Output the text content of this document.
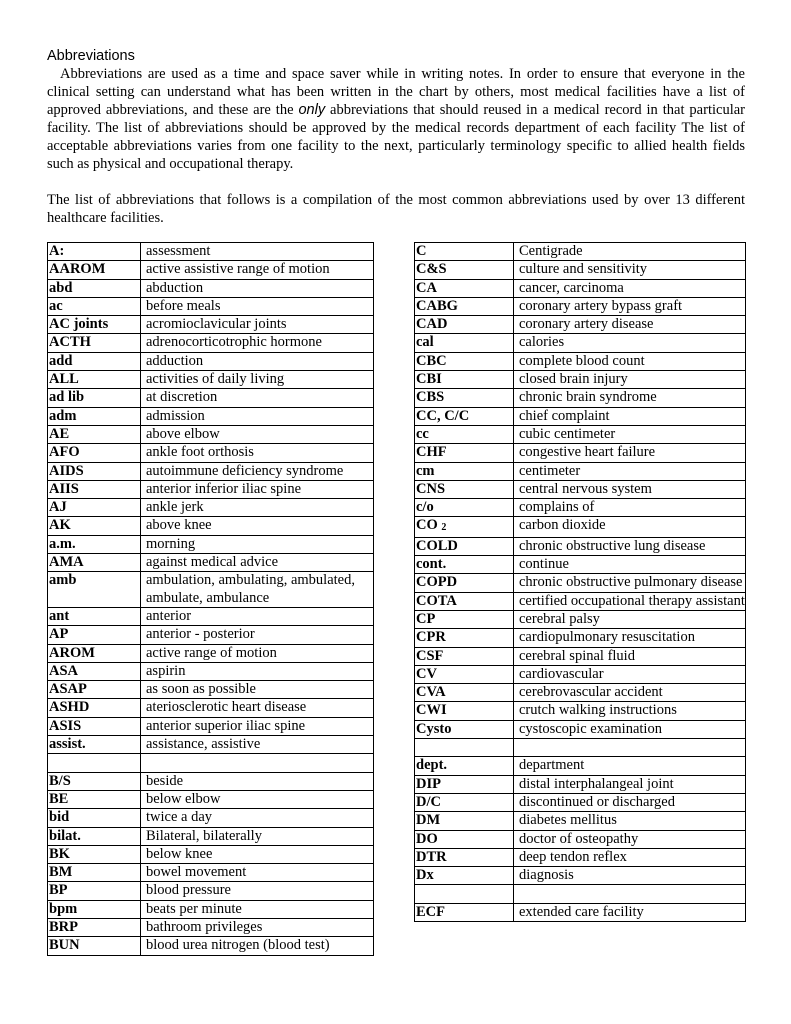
Abbreviations

Abbreviations are used as a time and space saver while in writing notes. In order to ensure that everyone in the clinical setting can understand what has been written in the chart by others, most medical facilities have a list of approved abbreviations, and these are the only abbreviations that should reused in a medical record in that particular facility. The list of abbreviations should be approved by the medical records department of each facility The list of acceptable abbreviations varies from one facility to the next, particularly terminology specific to allied health fields such as physical and occupational therapy.

The list of abbreviations that follows is a compilation of the most common abbreviations used by over 13 different healthcare facilities.

A:	assessment
AAROM	active assistive range of motion
abd	abduction
ac	before meals
AC joints	acromioclavicular joints
ACTH	adrenocorticotrophic hormone
add	adduction
ALL	activities of daily living
ad lib	at discretion
adm	admission
AE	above elbow
AFO	ankle foot orthosis
AIDS	autoimmune deficiency syndrome
AIIS	anterior inferior iliac spine
AJ	ankle jerk
AK	above knee
a.m.	morning
AMA	against medical advice
amb	ambulation, ambulating, ambulated, ambulate, ambulance
ant	anterior
AP	anterior - posterior
AROM	active range of motion
ASA	aspirin
ASAP	as soon as possible
ASHD	ateriosclerotic heart disease
ASIS	anterior superior iliac spine
assist.	assistance, assistive

B/S	beside
BE	below elbow
bid	twice a day
bilat.	Bilateral, bilaterally
BK	below knee
BM	bowel movement
BP	blood pressure
bpm	beats per minute
BRP	bathroom privileges
BUN	blood urea nitrogen (blood test)
C	Centigrade
C&S	culture and sensitivity
CA	cancer, carcinoma
CABG	coronary artery bypass graft
CAD	coronary artery disease
cal	calories
CBC	complete blood count
CBI	closed brain injury
CBS	chronic brain syndrome
CC, C/C	chief complaint
cc	cubic centimeter
CHF	congestive heart failure
cm	centimeter
CNS	central nervous system
c/o	complains of
CO $_2$	carbon dioxide
COLD	chronic obstructive lung disease
cont.	continue
COPD	chronic obstructive pulmonary disease
COTA	certified occupational therapy assistant
CP	cerebral palsy
CPR	cardiopulmonary resuscitation
CSF	cerebral spinal fluid
CV	cardiovascular
CVA	cerebrovascular accident
CWI	crutch walking instructions
Cysto	cystoscopic examination

dept.	department
DIP	distal interphalangeal joint
D/C	discontinued or discharged
DM	diabetes mellitus
DO	doctor of osteopathy
DTR	deep tendon reflex
Dx	diagnosis

ECF	extended care facility
